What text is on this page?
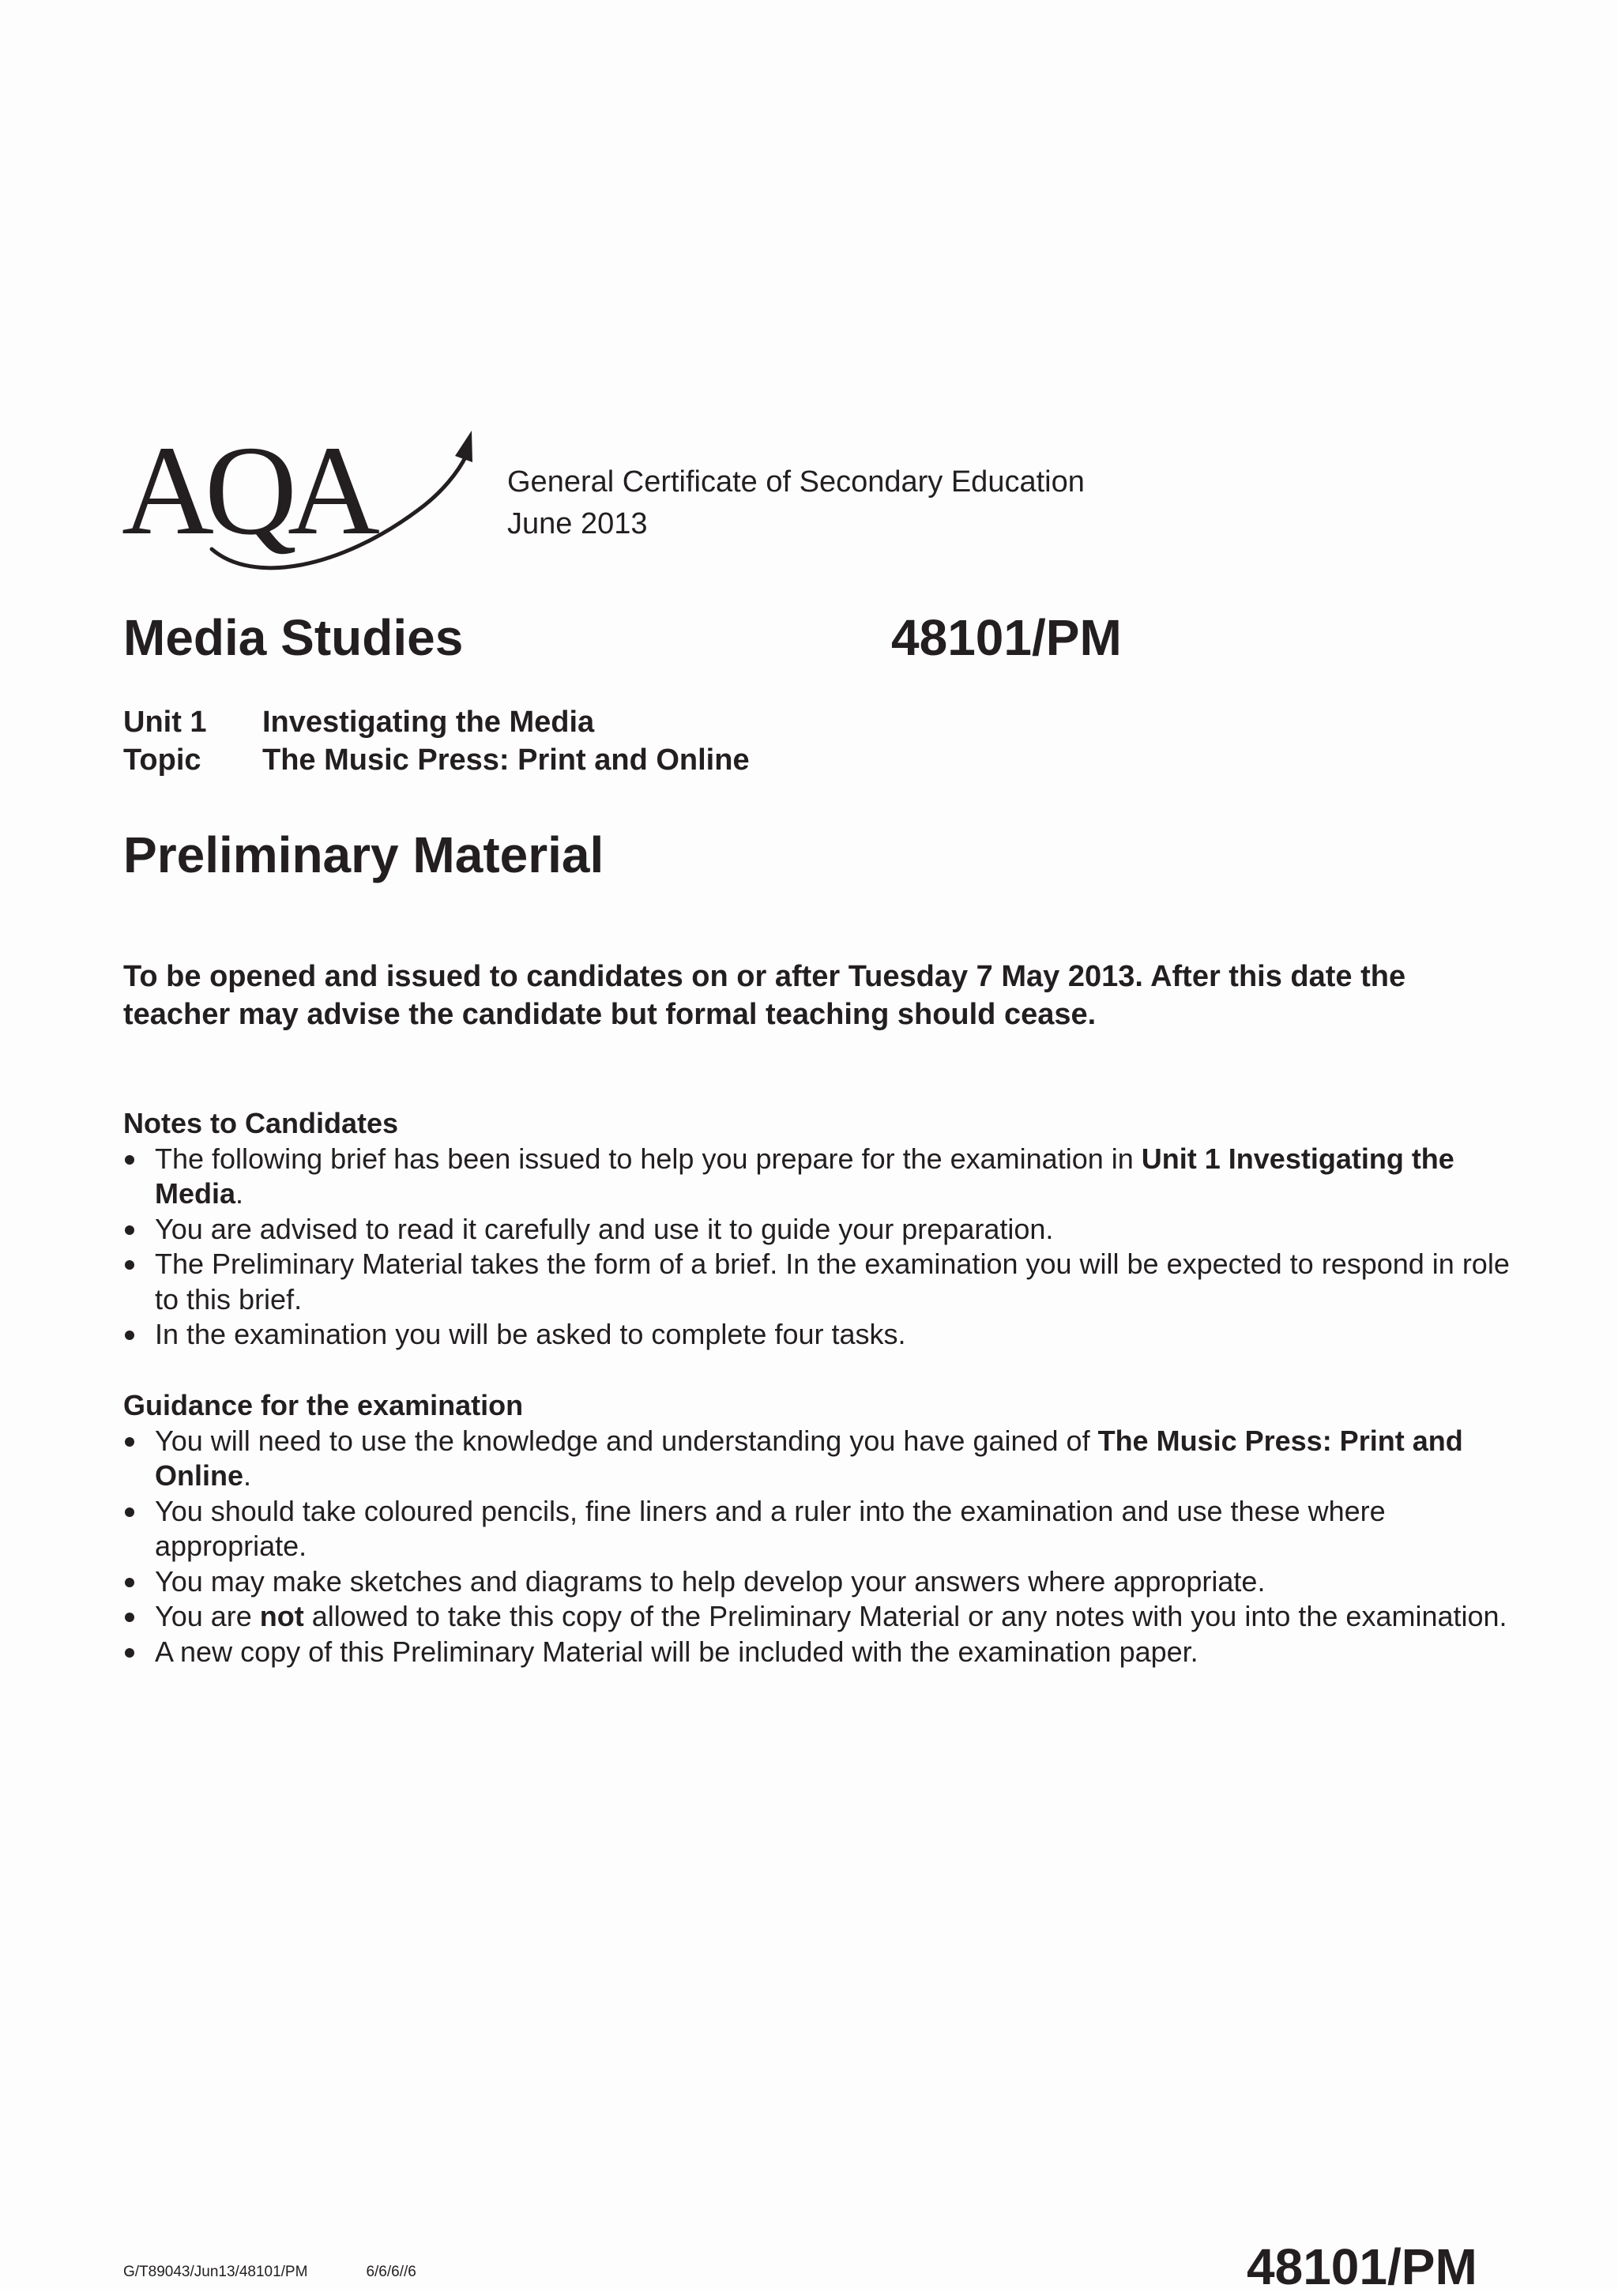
AQA	General Certificate of Secondary Education
June 2013
Media Studies	48101/PM
Unit 1 Investigating the Media
Topic The Music Press: Print and Online
Preliminary Material
To be opened and issued to candidates on or after Tuesday 7 May 2013. After this date the teacher may advise the candidate but formal teaching should cease.
Notes to Candidates
The following brief has been issued to help you prepare for the examination in Unit 1 Investigating the Media.
You are advised to read it carefully and use it to guide your preparation.
The Preliminary Material takes the form of a brief. In the examination you will be expected to respond in role to this brief.
In the examination you will be asked to complete four tasks.
Guidance for the examination
You will need to use the knowledge and understanding you have gained of The Music Press: Print and Online.
You should take coloured pencils, fine liners and a ruler into the examination and use these where appropriate.
You may make sketches and diagrams to help develop your answers where appropriate.
You are not allowed to take this copy of the Preliminary Material or any notes with you into the examination.
A new copy of this Preliminary Material will be included with the examination paper.
G/T89043/Jun13/48101/PM	6/6/6//6	48101/PM
